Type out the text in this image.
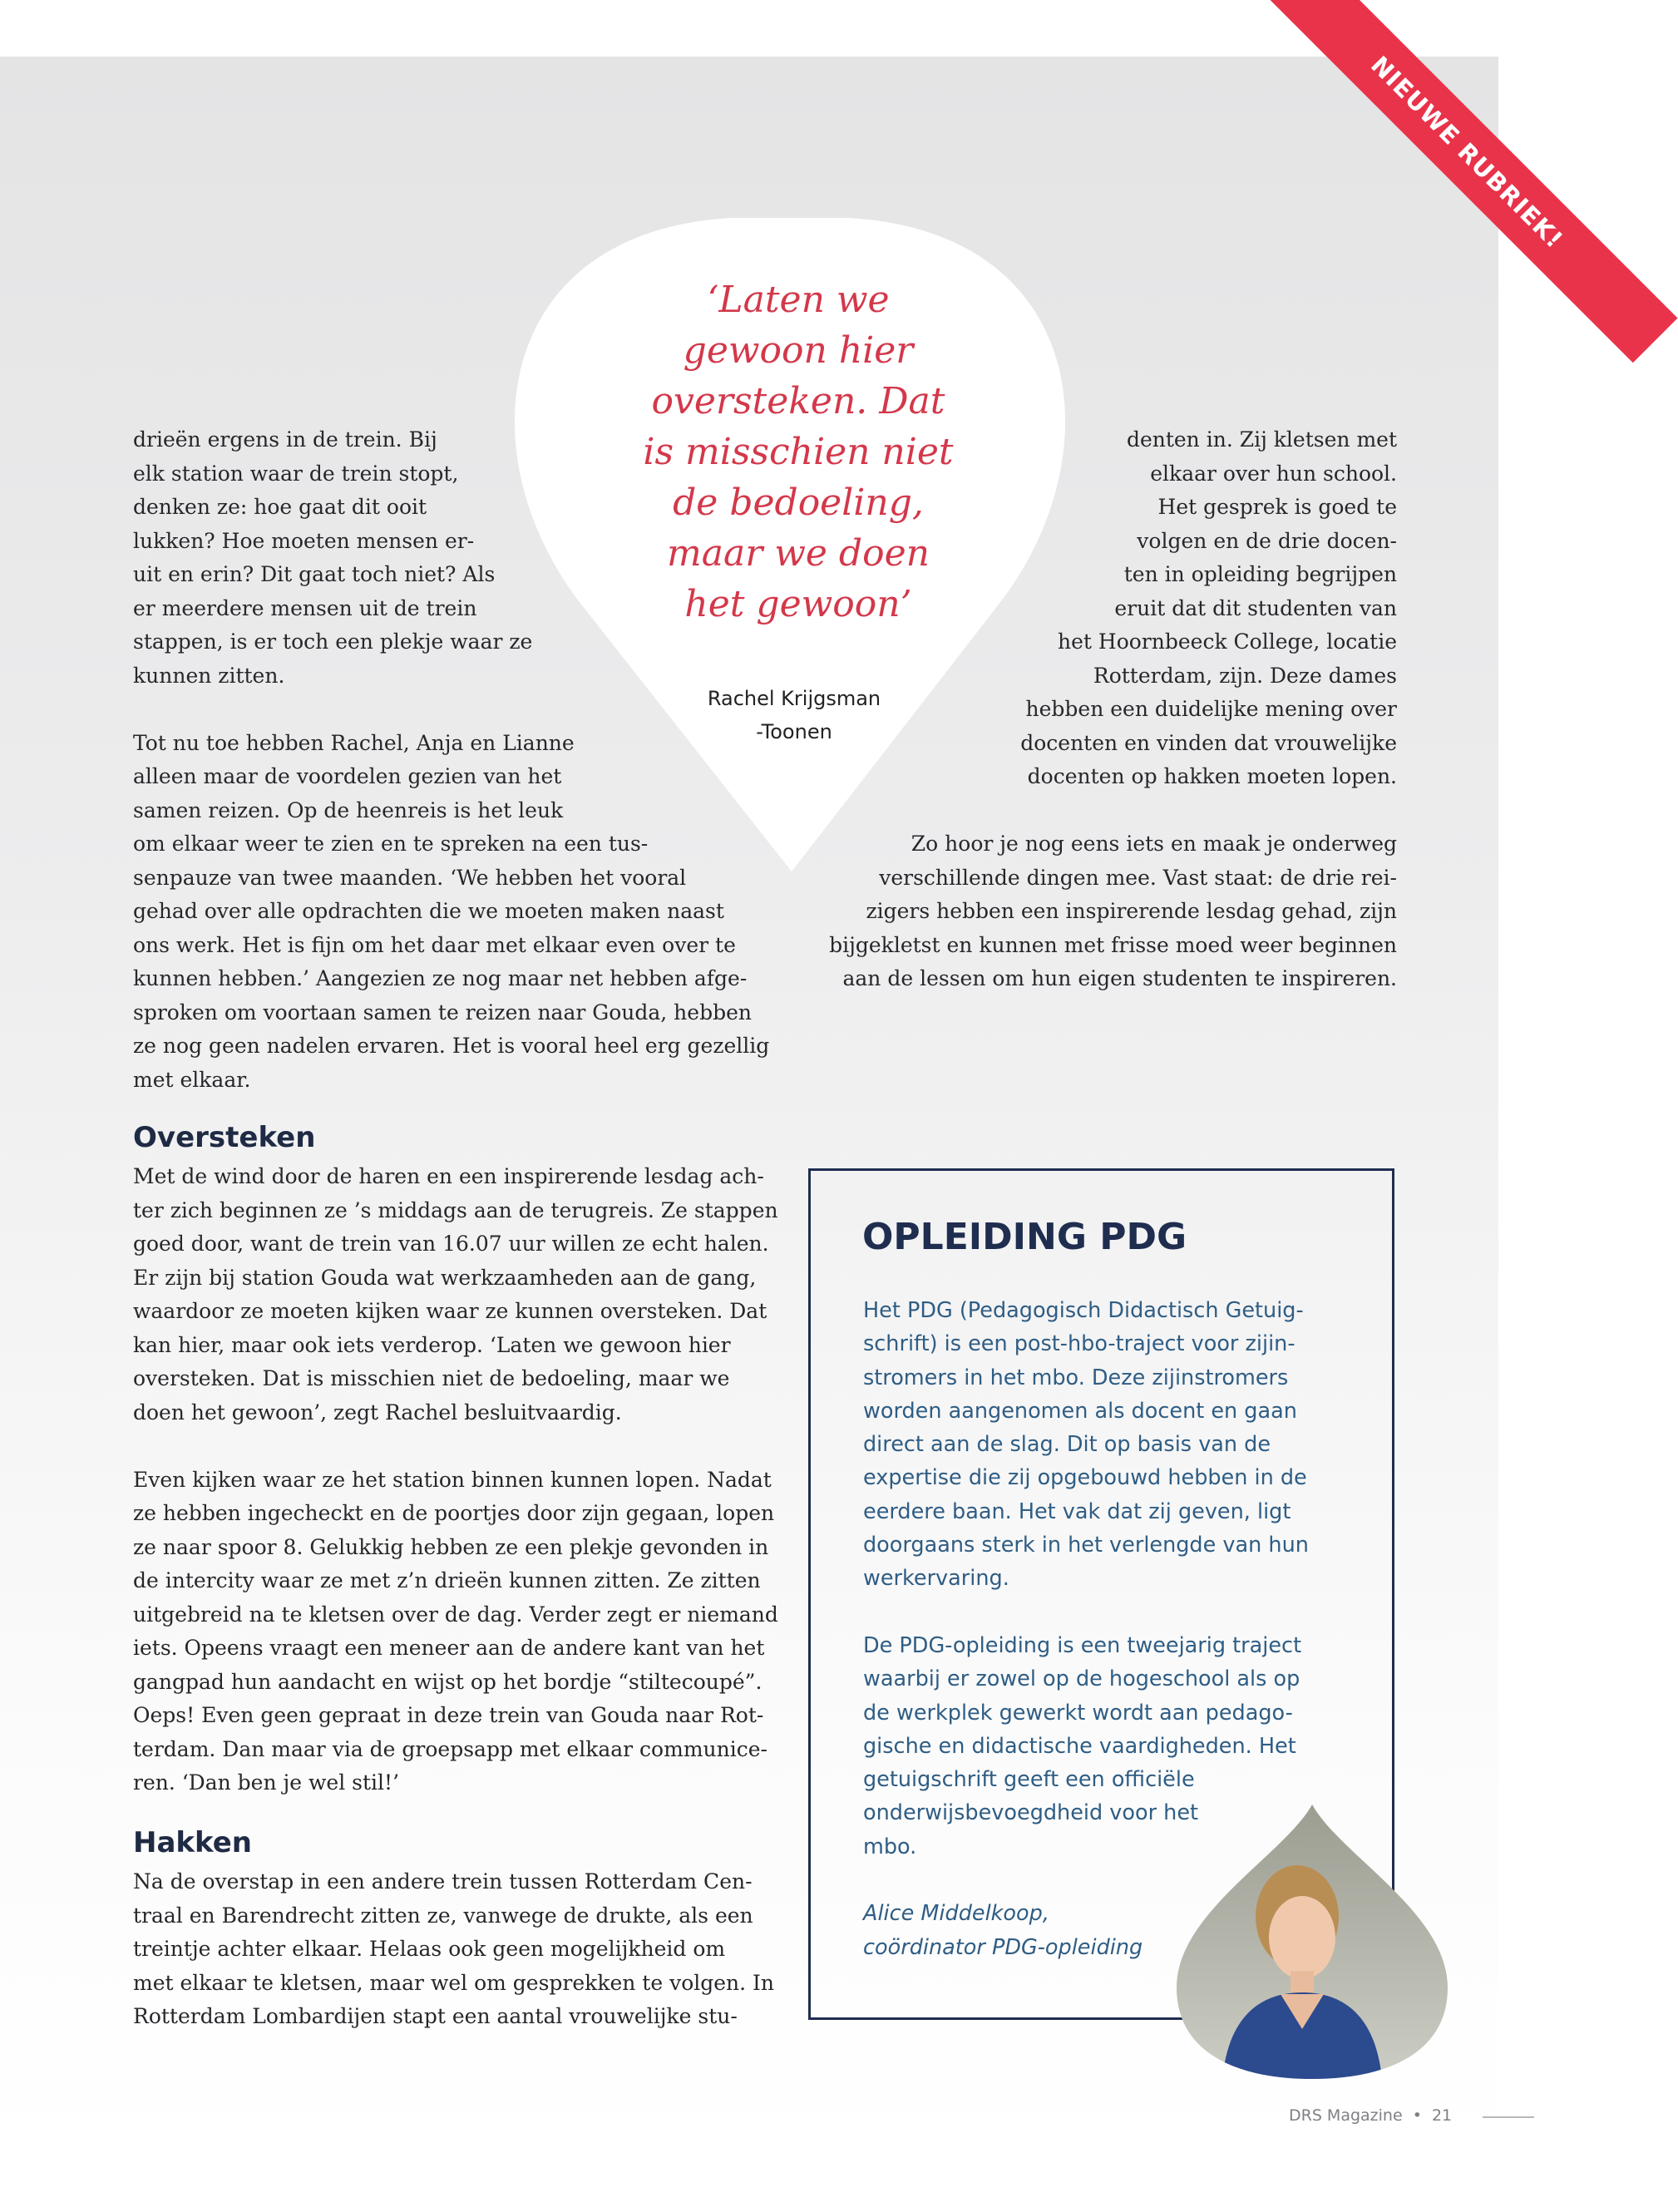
NIEUWE RUBRIEK!
‘Laten we
gewoon hier
oversteken. Dat
is misschien niet
de bedoeling,
maar we doen
het gewoon’
Rachel Krijgsman
-Toonen
drieën ergens in de trein. Bij
elk station waar de trein stopt,
denken ze: hoe gaat dit ooit
lukken? Hoe moeten mensen er-
uit en erin? Dit gaat toch niet? Als
er meerdere mensen uit de trein
stappen, is er toch een plekje waar ze
kunnen zitten.
Tot nu toe hebben Rachel, Anja en Lianne
alleen maar de voordelen gezien van het
samen reizen. Op de heenreis is het leuk
om elkaar weer te zien en te spreken na een tus-
senpauze van twee maanden. ‘We hebben het vooral
gehad over alle opdrachten die we moeten maken naast
ons werk. Het is fijn om het daar met elkaar even over te
kunnen hebben.’ Aangezien ze nog maar net hebben afge-
sproken om voortaan samen te reizen naar Gouda, hebben
ze nog geen nadelen ervaren. Het is vooral heel erg gezellig
met elkaar.
denten in. Zij kletsen met
elkaar over hun school.
Het gesprek is goed te
volgen en de drie docen-
ten in opleiding begrijpen
eruit dat dit studenten van
het Hoornbeeck College, locatie
Rotterdam, zijn. Deze dames
hebben een duidelijke mening over
docenten en vinden dat vrouwelijke
docenten op hakken moeten lopen.
Zo hoor je nog eens iets en maak je onderweg
verschillende dingen mee. Vast staat: de drie rei-
zigers hebben een inspirerende lesdag gehad, zijn
bijgekletst en kunnen met frisse moed weer beginnen
aan de lessen om hun eigen studenten te inspireren.
Oversteken
Met de wind door de haren en een inspirerende lesdag ach-
ter zich beginnen ze ’s middags aan de terugreis. Ze stappen
goed door, want de trein van 16.07 uur willen ze echt halen.
Er zijn bij station Gouda wat werkzaamheden aan de gang,
waardoor ze moeten kijken waar ze kunnen oversteken. Dat
kan hier, maar ook iets verderop. ‘Laten we gewoon hier
oversteken. Dat is misschien niet de bedoeling, maar we
doen het gewoon’, zegt Rachel besluitvaardig.
Even kijken waar ze het station binnen kunnen lopen. Nadat
ze hebben ingecheckt en de poortjes door zijn gegaan, lopen
ze naar spoor 8. Gelukkig hebben ze een plekje gevonden in
de intercity waar ze met z’n drieën kunnen zitten. Ze zitten
uitgebreid na te kletsen over de dag. Verder zegt er niemand
iets. Opeens vraagt een meneer aan de andere kant van het
gangpad hun aandacht en wijst op het bordje “stiltecoupé”.
Oeps! Even geen gepraat in deze trein van Gouda naar Rot-
terdam. Dan maar via de groepsapp met elkaar communice-
ren. ‘Dan ben je wel stil!’
Hakken
Na de overstap in een andere trein tussen Rotterdam Cen-
traal en Barendrecht zitten ze, vanwege de drukte, als een
treintje achter elkaar. Helaas ook geen mogelijkheid om
met elkaar te kletsen, maar wel om gesprekken te volgen. In
Rotterdam Lombardijen stapt een aantal vrouwelijke stu-
OPLEIDING PDG
Het PDG (Pedagogisch Didactisch Getuig-
schrift) is een post-hbo-traject voor zijin-
stromers in het mbo. Deze zijinstromers
worden aangenomen als docent en gaan
direct aan de slag. Dit op basis van de
expertise die zij opgebouwd hebben in de
eerdere baan. Het vak dat zij geven, ligt
doorgaans sterk in het verlengde van hun
werkervaring.
De PDG-opleiding is een tweejarig traject
waarbij er zowel op de hogeschool als op
de werkplek gewerkt wordt aan pedago-
gische en didactische vaardigheden. Het
getuigschrift geeft een officiële
onderwijsbevoegdheid voor het
mbo.
Alice Middelkoop,
coördinator PDG-opleiding
DRS Magazine • 21
